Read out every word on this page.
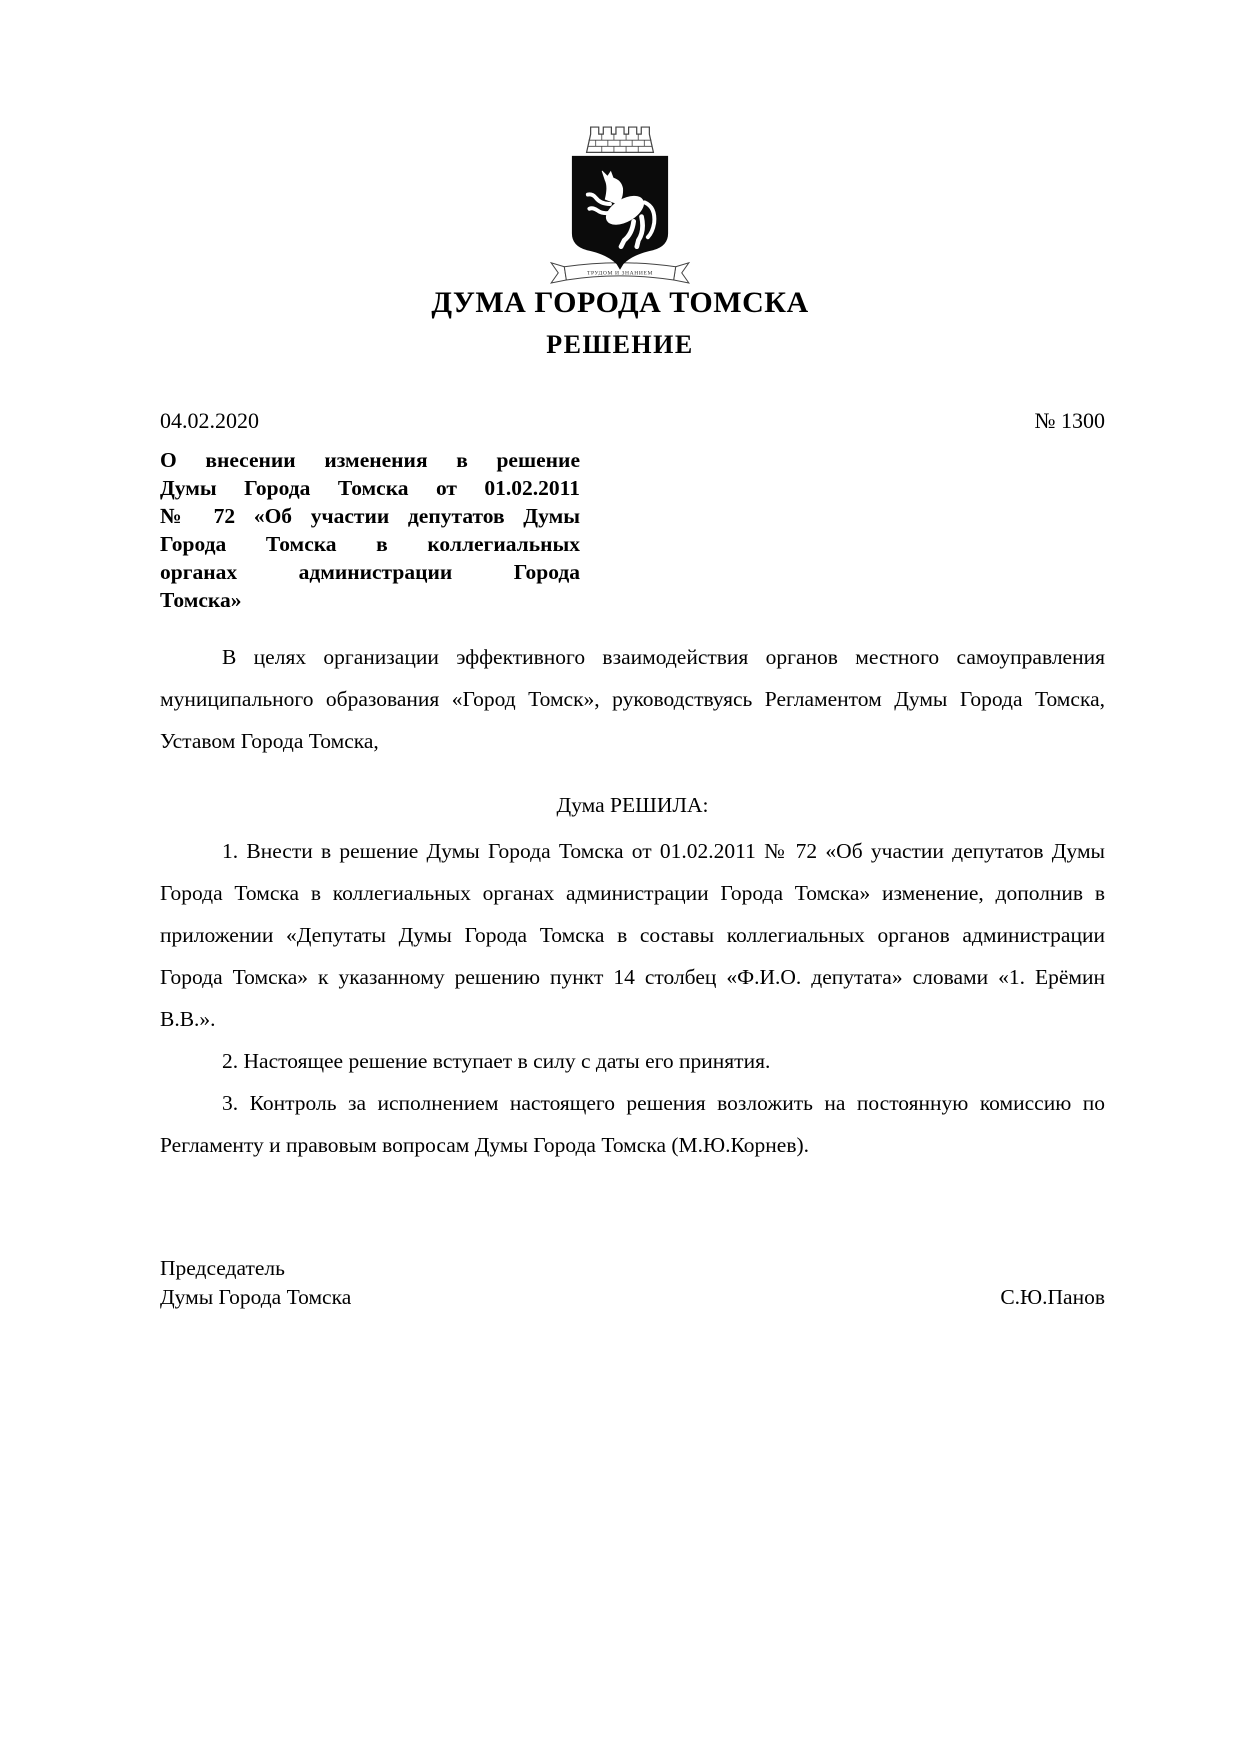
ТРУДОМ И ЗНАНИЕМ
ДУМА ГОРОДА ТОМСКА
РЕШЕНИЕ
04.02.2020	№ 1300
О внесении изменения в решение
Думы Города Томска от 01.02.2011
№ 72 «Об участии депутатов Думы
Города Томска в коллегиальных
органах администрации Города
Томска»

В целях организации эффективного взаимодействия органов местного самоуправления муниципального образования «Город Томск», руководствуясь Регламентом Думы Города Томска, Уставом Города Томска,

Дума РЕШИЛА:

1. Внести в решение Думы Города Томска от 01.02.2011 № 72 «Об участии депутатов Думы Города Томска в коллегиальных органах администрации Города Томска» изменение, дополнив в приложении «Депутаты Думы Города Томска в составы коллегиальных органов администрации Города Томска» к указанному решению пункт 14 столбец «Ф.И.О. депутата» словами «1. Ерёмин В.В.».

2. Настоящее решение вступает в силу с даты его принятия.

3. Контроль за исполнением настоящего решения возложить на постоянную комиссию по Регламенту и правовым вопросам Думы Города Томска (М.Ю.Корнев).

Председатель
Думы Города Томска	С.Ю.Панов
